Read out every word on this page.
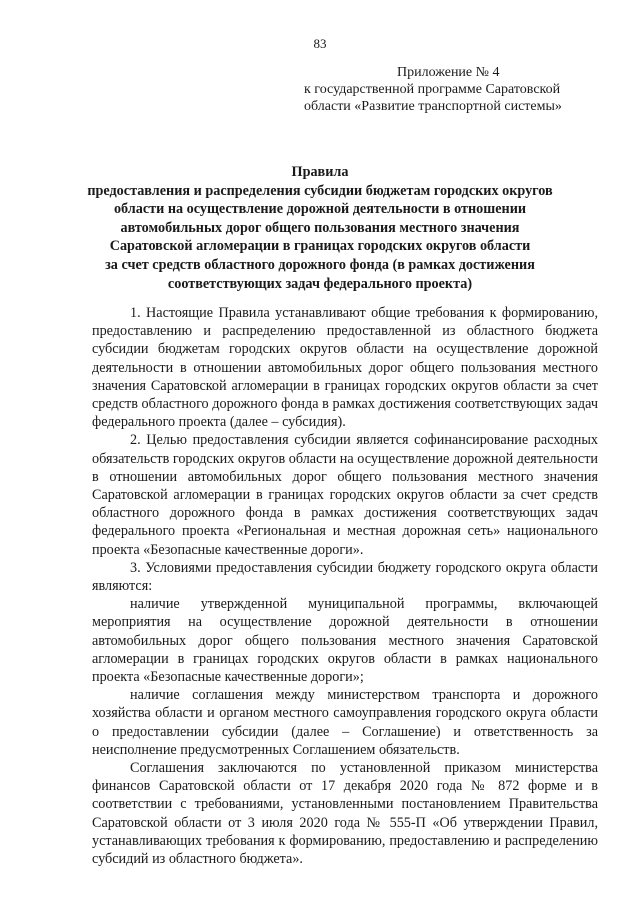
83
Приложение № 4
к государственной программе Саратовской
области «Развитие транспортной системы»
Правила
предоставления и распределения субсидии бюджетам городских округов
области на осуществление дорожной деятельности в отношении
автомобильных дорог общего пользования местного значения
Саратовской агломерации в границах городских округов области
за счет средств областного дорожного фонда (в рамках достижения
соответствующих задач федерального проекта)

1. Настоящие Правила устанавливают общие требования к формированию, предоставлению и распределению предоставленной из областного бюджета субсидии бюджетам городских округов области на осуществление дорожной деятельности в отношении автомобильных дорог общего пользования местного значения Саратовской агломерации в границах городских округов области за счет средств областного дорожного фонда в рамках достижения соответствующих задач федерального проекта (далее – субсидия).

2. Целью предоставления субсидии является софинансирование расходных обязательств городских округов области на осуществление дорожной деятельности в отношении автомобильных дорог общего пользования местного значения Саратовской агломерации в границах городских округов области за счет средств областного дорожного фонда в рамках достижения соответствующих задач федерального проекта «Региональная и местная дорожная сеть» национального проекта «Безопасные качественные дороги».

3. Условиями предоставления субсидии бюджету городского округа области являются:

наличие утвержденной муниципальной программы, включающей мероприятия на осуществление дорожной деятельности в отношении автомобильных дорог общего пользования местного значения Саратовской агломерации в границах городских округов области в рамках национального проекта «Безопасные качественные дороги»;

наличие соглашения между министерством транспорта и дорожного хозяйства области и органом местного самоуправления городского округа области о предоставлении субсидии (далее – Соглашение) и ответственность за неисполнение предусмотренных Соглашением обязательств.

Соглашения заключаются по установленной приказом министерства финансов Саратовской области от 17 декабря 2020 года № 872 форме и в соответствии с требованиями, установленными постановлением Правительства Саратовской области от 3 июля 2020 года № 555-П «Об утверждении Правил, устанавливающих требования к формированию, предоставлению и распределению субсидий из областного бюджета».
